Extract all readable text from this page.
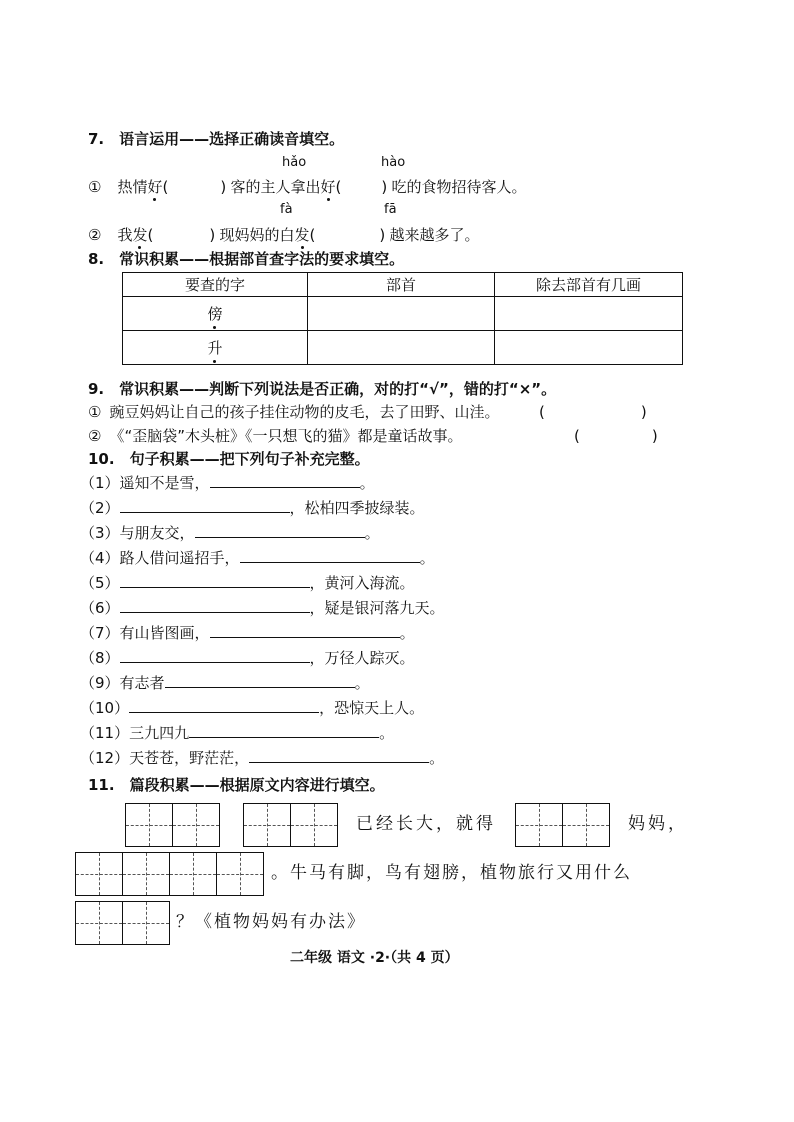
7.　语言运用——选择正确读音填空。
hǎo	hào
① 热情好(	) 客的主人拿出好(	) 吃的食物招待客人。
fà	fā
② 我发(	) 现妈妈的白发(	) 越来越多了。
8.　常识积累——根据部首查字法的要求填空。
要查的字	部首	除去部首有几画
傍		
升		
9.　常识积累——判断下列说法是否正确，对的打“√”，错的打“×”。
① 豌豆妈妈让自己的孩子挂住动物的皮毛，去了田野、山洼。	(	)
② 《“歪脑袋”木头桩》《一只想飞的猫》都是童话故事。	(	)
10.　句子积累——把下列句子补充完整。
（1）遥知不是雪，	。
（2）	，松柏四季披绿装。
（3）与朋友交，	。
（4）路人借问遥招手，	。
（5）	，黄河入海流。
（6）	，疑是银河落九天。
（7）有山皆图画，	。
（8）	，万径人踪灭。
（9）有志者	。
（10）	，恐惊天上人。
（11）三九四九	。
（12）天苍苍，野茫茫，	。
11.　篇段积累——根据原文内容进行填空。
已经长大，就得	妈妈，
。牛马有脚，鸟有翅膀，植物旅行又用什么
？《植物妈妈有办法》
二年级 语文 ·2·（共 4 页）
